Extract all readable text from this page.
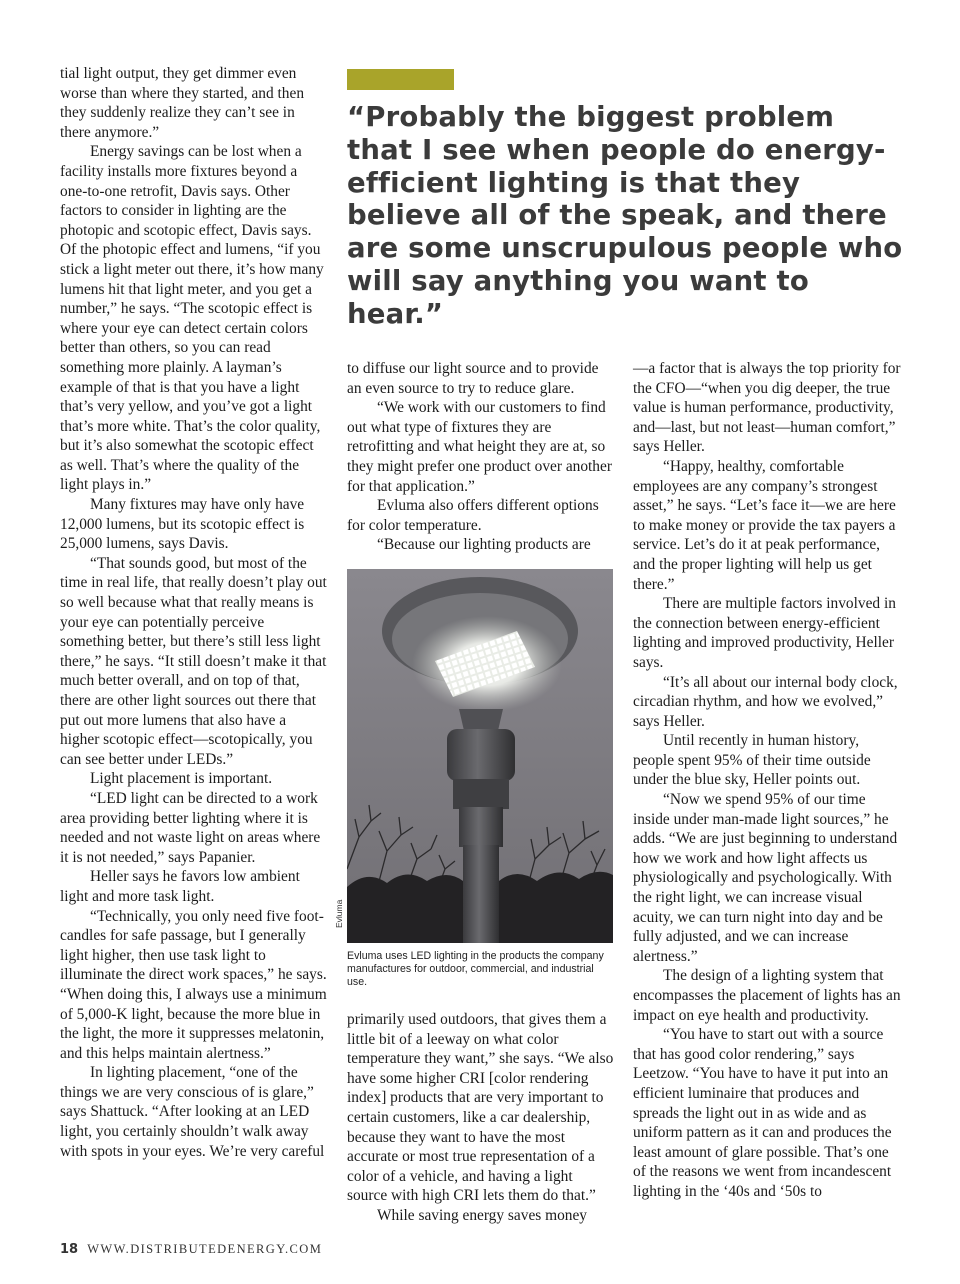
tial light output, they get dimmer even worse than where they started, and then they suddenly realize they can’t see in there anymore.”

Energy savings can be lost when a facility installs more fixtures beyond a one-to-one retrofit, Davis says. Other factors to consider in lighting are the photopic and scotopic effect, Davis says. Of the photopic effect and lumens, “if you stick a light meter out there, it’s how many lumens hit that light meter, and you get a number,” he says. “The scotopic effect is where your eye can detect certain colors better than others, so you can read something more plainly. A layman’s example of that is that you have a light that’s very yellow, and you’ve got a light that’s more white. That’s the color quality, but it’s also somewhat the scotopic effect as well. That’s where the quality of the light plays in.”

Many fixtures may have only have 12,000 lumens, but its scotopic effect is 25,000 lumens, says Davis.

“That sounds good, but most of the time in real life, that really doesn’t play out so well because what that really means is your eye can potentially perceive something better, but there’s still less light there,” he says. “It still doesn’t make it that much better overall, and on top of that, there are other light sources out there that put out more lumens that also have a higher scotopic effect—scotopically, you can see better under LEDs.”

Light placement is important.

“LED light can be directed to a work area providing better lighting where it is needed and not waste light on areas where it is not needed,” says Papanier.

Heller says he favors low ambient light and more task light.

“Technically, you only need five foot-candles for safe passage, but I generally light higher, then use task light to illuminate the direct work spaces,” he says. “When doing this, I always use a minimum of 5,000-K light, because the more blue in the light, the more it suppresses melatonin, and this helps maintain alertness.”

In lighting placement, “one of the things we are very conscious of is glare,” says Shattuck. “After looking at an LED light, you certainly shouldn’t walk away with spots in your eyes. We’re very careful

“Probably the biggest problem that I see when people do energy-efficient lighting is that they believe all of the speak, and there are some unscrupulous people who will say anything you want to hear.”

to diffuse our light source and to provide an even source to try to reduce glare.

“We work with our customers to find out what type of fixtures they are retrofitting and what height they are at, so they might prefer one product over another for that application.”

Evluma also offers different options for color temperature.

“Because our lighting products are

Evluma

Evluma uses LED lighting in the products the company manufactures for outdoor, commercial, and industrial use.

primarily used outdoors, that gives them a little bit of a leeway on what color temperature they want,” she says. “We also have some higher CRI [color rendering index] products that are very important to certain customers, like a car dealership, because they want to have the most accurate or most true representation of a color of a vehicle, and having a light source with high CRI lets them do that.”

While saving energy saves money

—a factor that is always the top priority for the CFO—“when you dig deeper, the true value is human performance, productivity, and—last, but not least—human comfort,” says Heller.

“Happy, healthy, comfortable employees are any company’s strongest asset,” he says. “Let’s face it—we are here to make money or provide the tax payers a service. Let’s do it at peak performance, and the proper lighting will help us get there.”

There are multiple factors involved in the connection between energy-efficient lighting and improved productivity, Heller says.

“It’s all about our internal body clock, circadian rhythm, and how we evolved,” says Heller.

Until recently in human history, people spent 95% of their time outside under the blue sky, Heller points out.

“Now we spend 95% of our time inside under man-made light sources,” he adds. “We are just beginning to understand how we work and how light affects us physiologically and psychologically. With the right light, we can increase visual acuity, we can turn night into day and be fully adjusted, and we can increase alertness.”

The design of a lighting system that encompasses the placement of lights has an impact on eye health and productivity.

“You have to start out with a source that has good color rendering,” says Leetzow. “You have to have it put into an efficient luminaire that produces and spreads the light out in as wide and as uniform pattern as it can and produces the least amount of glare possible. That’s one of the reasons we went from incandescent lighting in the ‘40s and ‘50s to

18 WWW.DISTRIBUTEDENERGY.COM
